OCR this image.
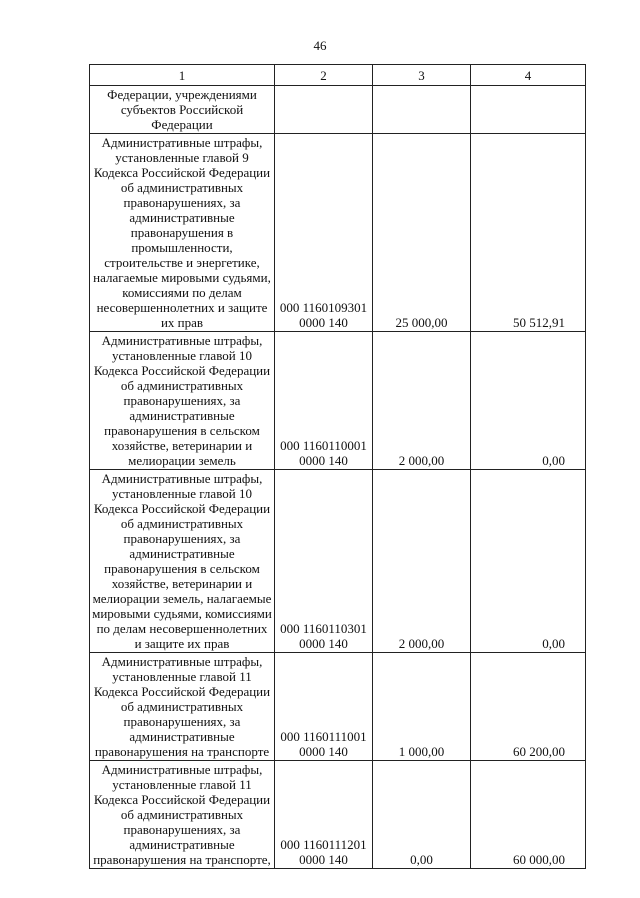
46
1	2	3	4
Федерации, учреждениями субъектов Российской Федерации			
Административные штрафы, установленные главой 9 Кодекса Российской Федерации об административных правонарушениях, за административные правонарушения в промышленности, строительстве и энергетике, налагаемые мировыми судьями, комиссиями по делам несовершеннолетних и защите их прав	000 1160109301 0000 140	25 000,00	50 512,91
Административные штрафы, установленные главой 10 Кодекса Российской Федерации об административных правонарушениях, за административные правонарушения в сельском хозяйстве, ветеринарии и мелиорации земель	000 1160110001 0000 140	2 000,00	0,00
Административные штрафы, установленные главой 10 Кодекса Российской Федерации об административных правонарушениях, за административные правонарушения в сельском хозяйстве, ветеринарии и мелиорации земель, налагаемые мировыми судьями, комиссиями по делам несовершеннолетних и защите их прав	000 1160110301 0000 140	2 000,00	0,00
Административные штрафы, установленные главой 11 Кодекса Российской Федерации об административных правонарушениях, за административные правонарушения на транспорте	000 1160111001 0000 140	1 000,00	60 200,00
Административные штрафы, установленные главой 11 Кодекса Российской Федерации об административных правонарушениях, за административные правонарушения на транспорте,	000 1160111201 0000 140	0,00	60 000,00
